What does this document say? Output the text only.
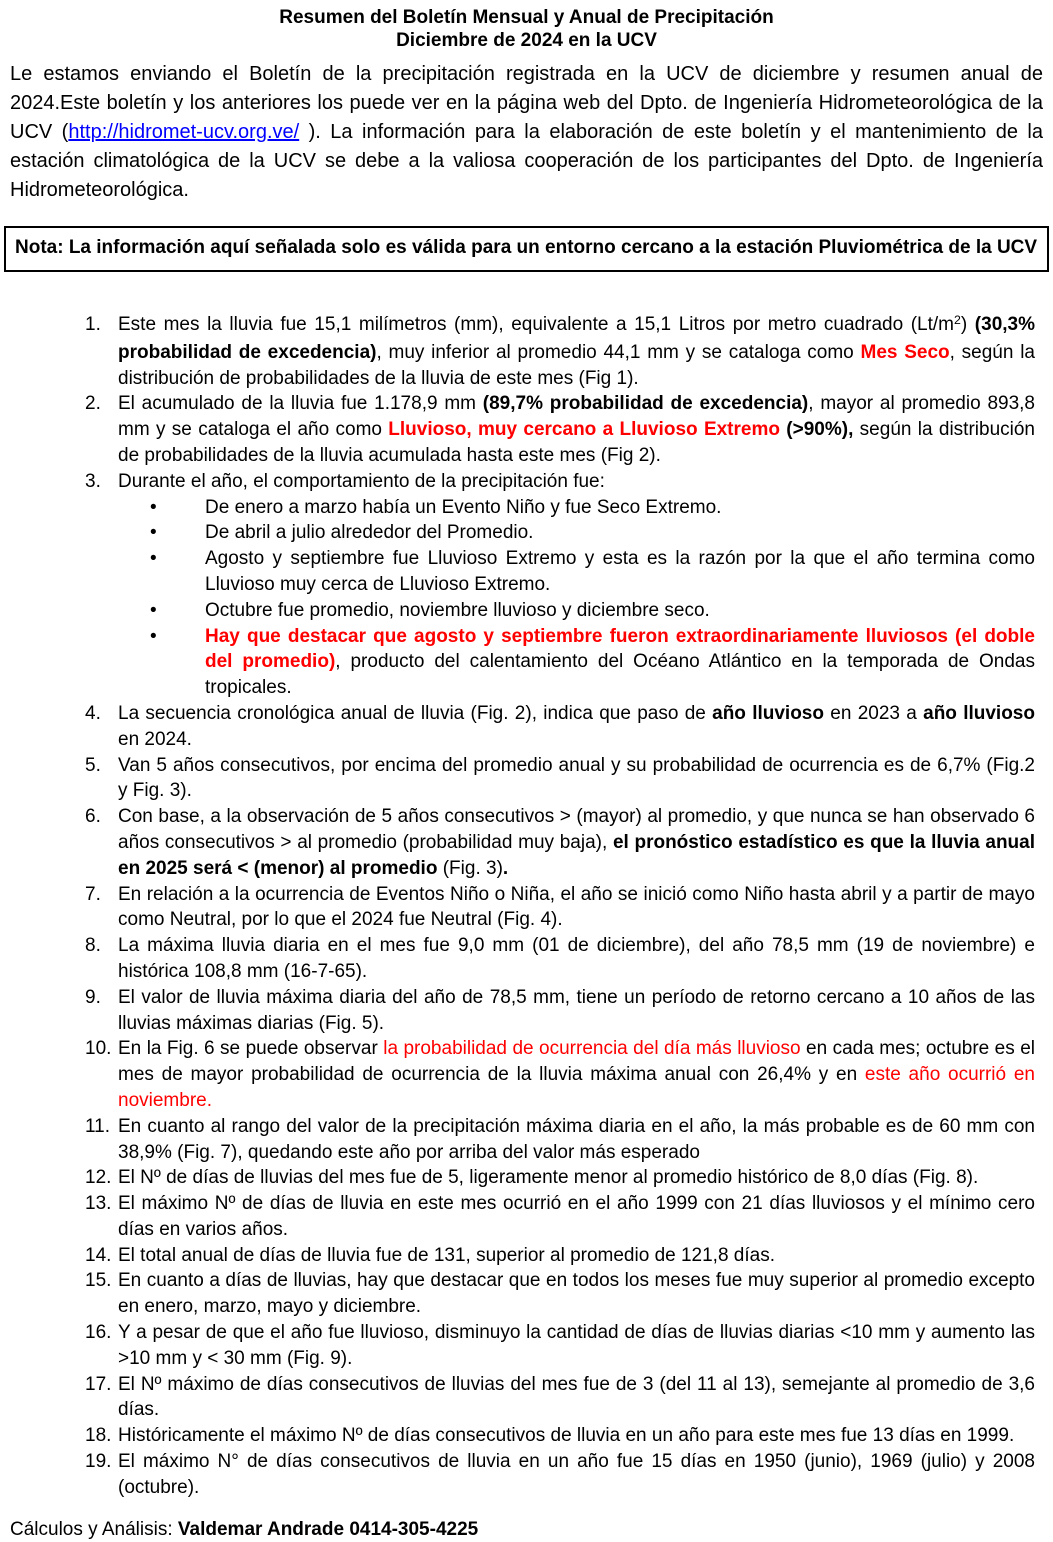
Resumen del Boletín Mensual y Anual de Precipitación
Diciembre de 2024 en la UCV

Le estamos enviando el Boletín de la precipitación registrada en la UCV de diciembre y resumen anual de 2024.Este boletín y los anteriores los puede ver en la página web del Dpto. de Ingeniería Hidrometeorológica de la UCV (http://hidromet-ucv.org.ve/ ). La información para la elaboración de este boletín y el mantenimiento de la estación climatológica de la UCV se debe a la valiosa cooperación de los participantes del Dpto. de Ingeniería Hidrometeorológica.

Nota: La información aquí señalada solo es válida para un entorno cercano a la estación Pluviométrica de la UCV
1. Este mes la lluvia fue 15,1 milímetros (mm), equivalente a 15,1 Litros por metro cuadrado $(Lt/m^2)$ (30,3% probabilidad de excedencia), muy inferior al promedio 44,1 mm y se cataloga como Mes Seco, según la distribución de probabilidades de la lluvia de este mes (Fig 1).
2. El acumulado de la lluvia fue 1.178,9 mm (89,7% probabilidad de excedencia), mayor al promedio 893,8 mm y se cataloga el año como Lluvioso, muy cercano a Lluvioso Extremo (>90%), según la distribución de probabilidades de la lluvia acumulada hasta este mes (Fig 2).
3. Durante el año, el comportamiento de la precipitación fue:
•	De enero a marzo había un Evento Niño y fue Seco Extremo.
•	De abril a julio alrededor del Promedio.
•	Agosto y septiembre fue Lluvioso Extremo y esta es la razón por la que el año termina como Lluvioso muy cerca de Lluvioso Extremo.
•	Octubre fue promedio, noviembre lluvioso y diciembre seco.
•	Hay que destacar que agosto y septiembre fueron extraordinariamente lluviosos (el doble del promedio), producto del calentamiento del Océano Atlántico en la temporada de Ondas tropicales.
4. La secuencia cronológica anual de lluvia (Fig. 2), indica que paso de año lluvioso en 2023 a año lluvioso en 2024.
5. Van 5 años consecutivos, por encima del promedio anual y su probabilidad de ocurrencia es de 6,7% (Fig.2 y Fig. 3).
6. Con base, a la observación de 5 años consecutivos > (mayor) al promedio, y que nunca se han observado 6 años consecutivos > al promedio (probabilidad muy baja), el pronóstico estadístico es que la lluvia anual en 2025 será < (menor) al promedio (Fig. 3).
7. En relación a la ocurrencia de Eventos Niño o Niña, el año se inició como Niño hasta abril y a partir de mayo como Neutral, por lo que el 2024 fue Neutral (Fig. 4).
8. La máxima lluvia diaria en el mes fue 9,0 mm (01 de diciembre), del año 78,5 mm (19 de noviembre) e histórica 108,8 mm (16-7-65).
9. El valor de lluvia máxima diaria del año de 78,5 mm, tiene un período de retorno cercano a 10 años de las lluvias máximas diarias (Fig. 5).
10. En la Fig. 6 se puede observar la probabilidad de ocurrencia del día más lluvioso en cada mes; octubre es el mes de mayor probabilidad de ocurrencia de la lluvia máxima anual con 26,4% y en este año ocurrió en noviembre.
11. En cuanto al rango del valor de la precipitación máxima diaria en el año, la más probable es de 60 mm con 38,9% (Fig. 7), quedando este año por arriba del valor más esperado
12. El Nº de días de lluvias del mes fue de 5, ligeramente menor al promedio histórico de 8,0 días (Fig. 8).
13. El máximo Nº de días de lluvia en este mes ocurrió en el año 1999 con 21 días lluviosos y el mínimo cero días en varios años.
14. El total anual de días de lluvia fue de 131, superior al promedio de 121,8 días.
15. En cuanto a días de lluvias, hay que destacar que en todos los meses fue muy superior al promedio excepto en enero, marzo, mayo y diciembre.
16. Y a pesar de que el año fue lluvioso, disminuyo la cantidad de días de lluvias diarias <10 mm y aumento las >10 mm y < 30 mm (Fig. 9).
17. El Nº máximo de días consecutivos de lluvias del mes fue de 3 (del 11 al 13), semejante al promedio de 3,6 días.
18. Históricamente el máximo Nº de días consecutivos de lluvia en un año para este mes fue 13 días en 1999.
19. El máximo N° de días consecutivos de lluvia en un año fue 15 días en 1950 (junio), 1969 (julio) y 2008 (octubre).

Cálculos y Análisis: Valdemar Andrade 0414-305-4225
